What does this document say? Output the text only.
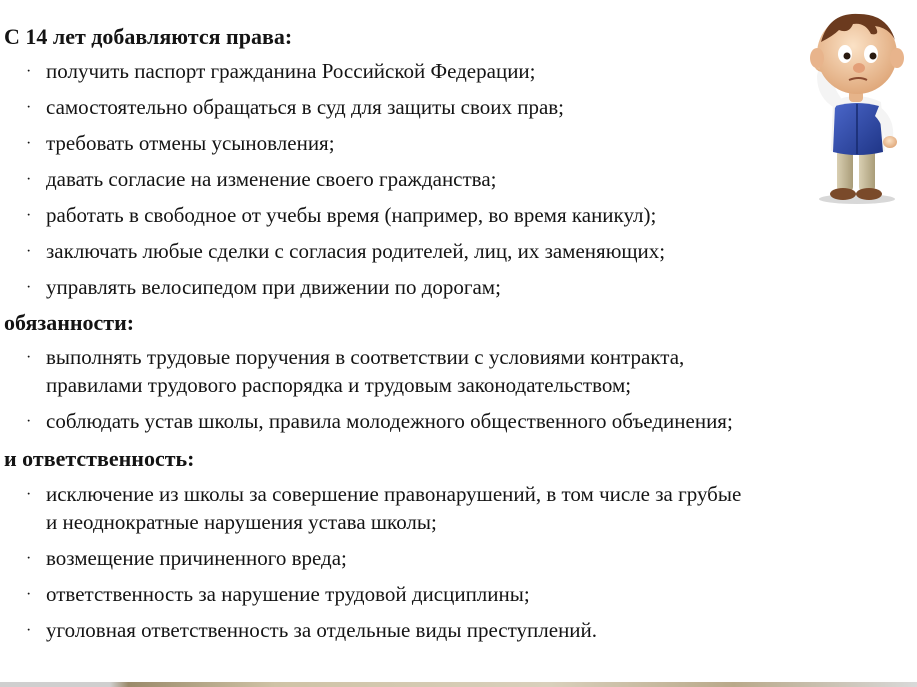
С 14 лет добавляются права:
· получить паспорт гражданина Российской Федерации;
· самостоятельно обращаться в суд для защиты своих прав;
· требовать отмены усыновления;
· давать согласие на изменение своего гражданства;
· работать в свободное от учебы время (например, во время каникул);
· заключать любые сделки с согласия родителей, лиц, их заменяющих;
· управлять велосипедом при движении по дорогам;
обязанности:
· выполнять трудовые поручения в соответствии с условиями контракта,
правилами трудового распорядка и трудовым законодательством;
· соблюдать устав школы, правила молодежного общественного объединения;
и ответственность:
· исключение из школы за совершение правонарушений, в том числе за грубые
и неоднократные нарушения устава школы;
· возмещение причиненного вреда;
· ответственность за нарушение трудовой дисциплины;
· уголовная ответственность за отдельные виды преступлений.
